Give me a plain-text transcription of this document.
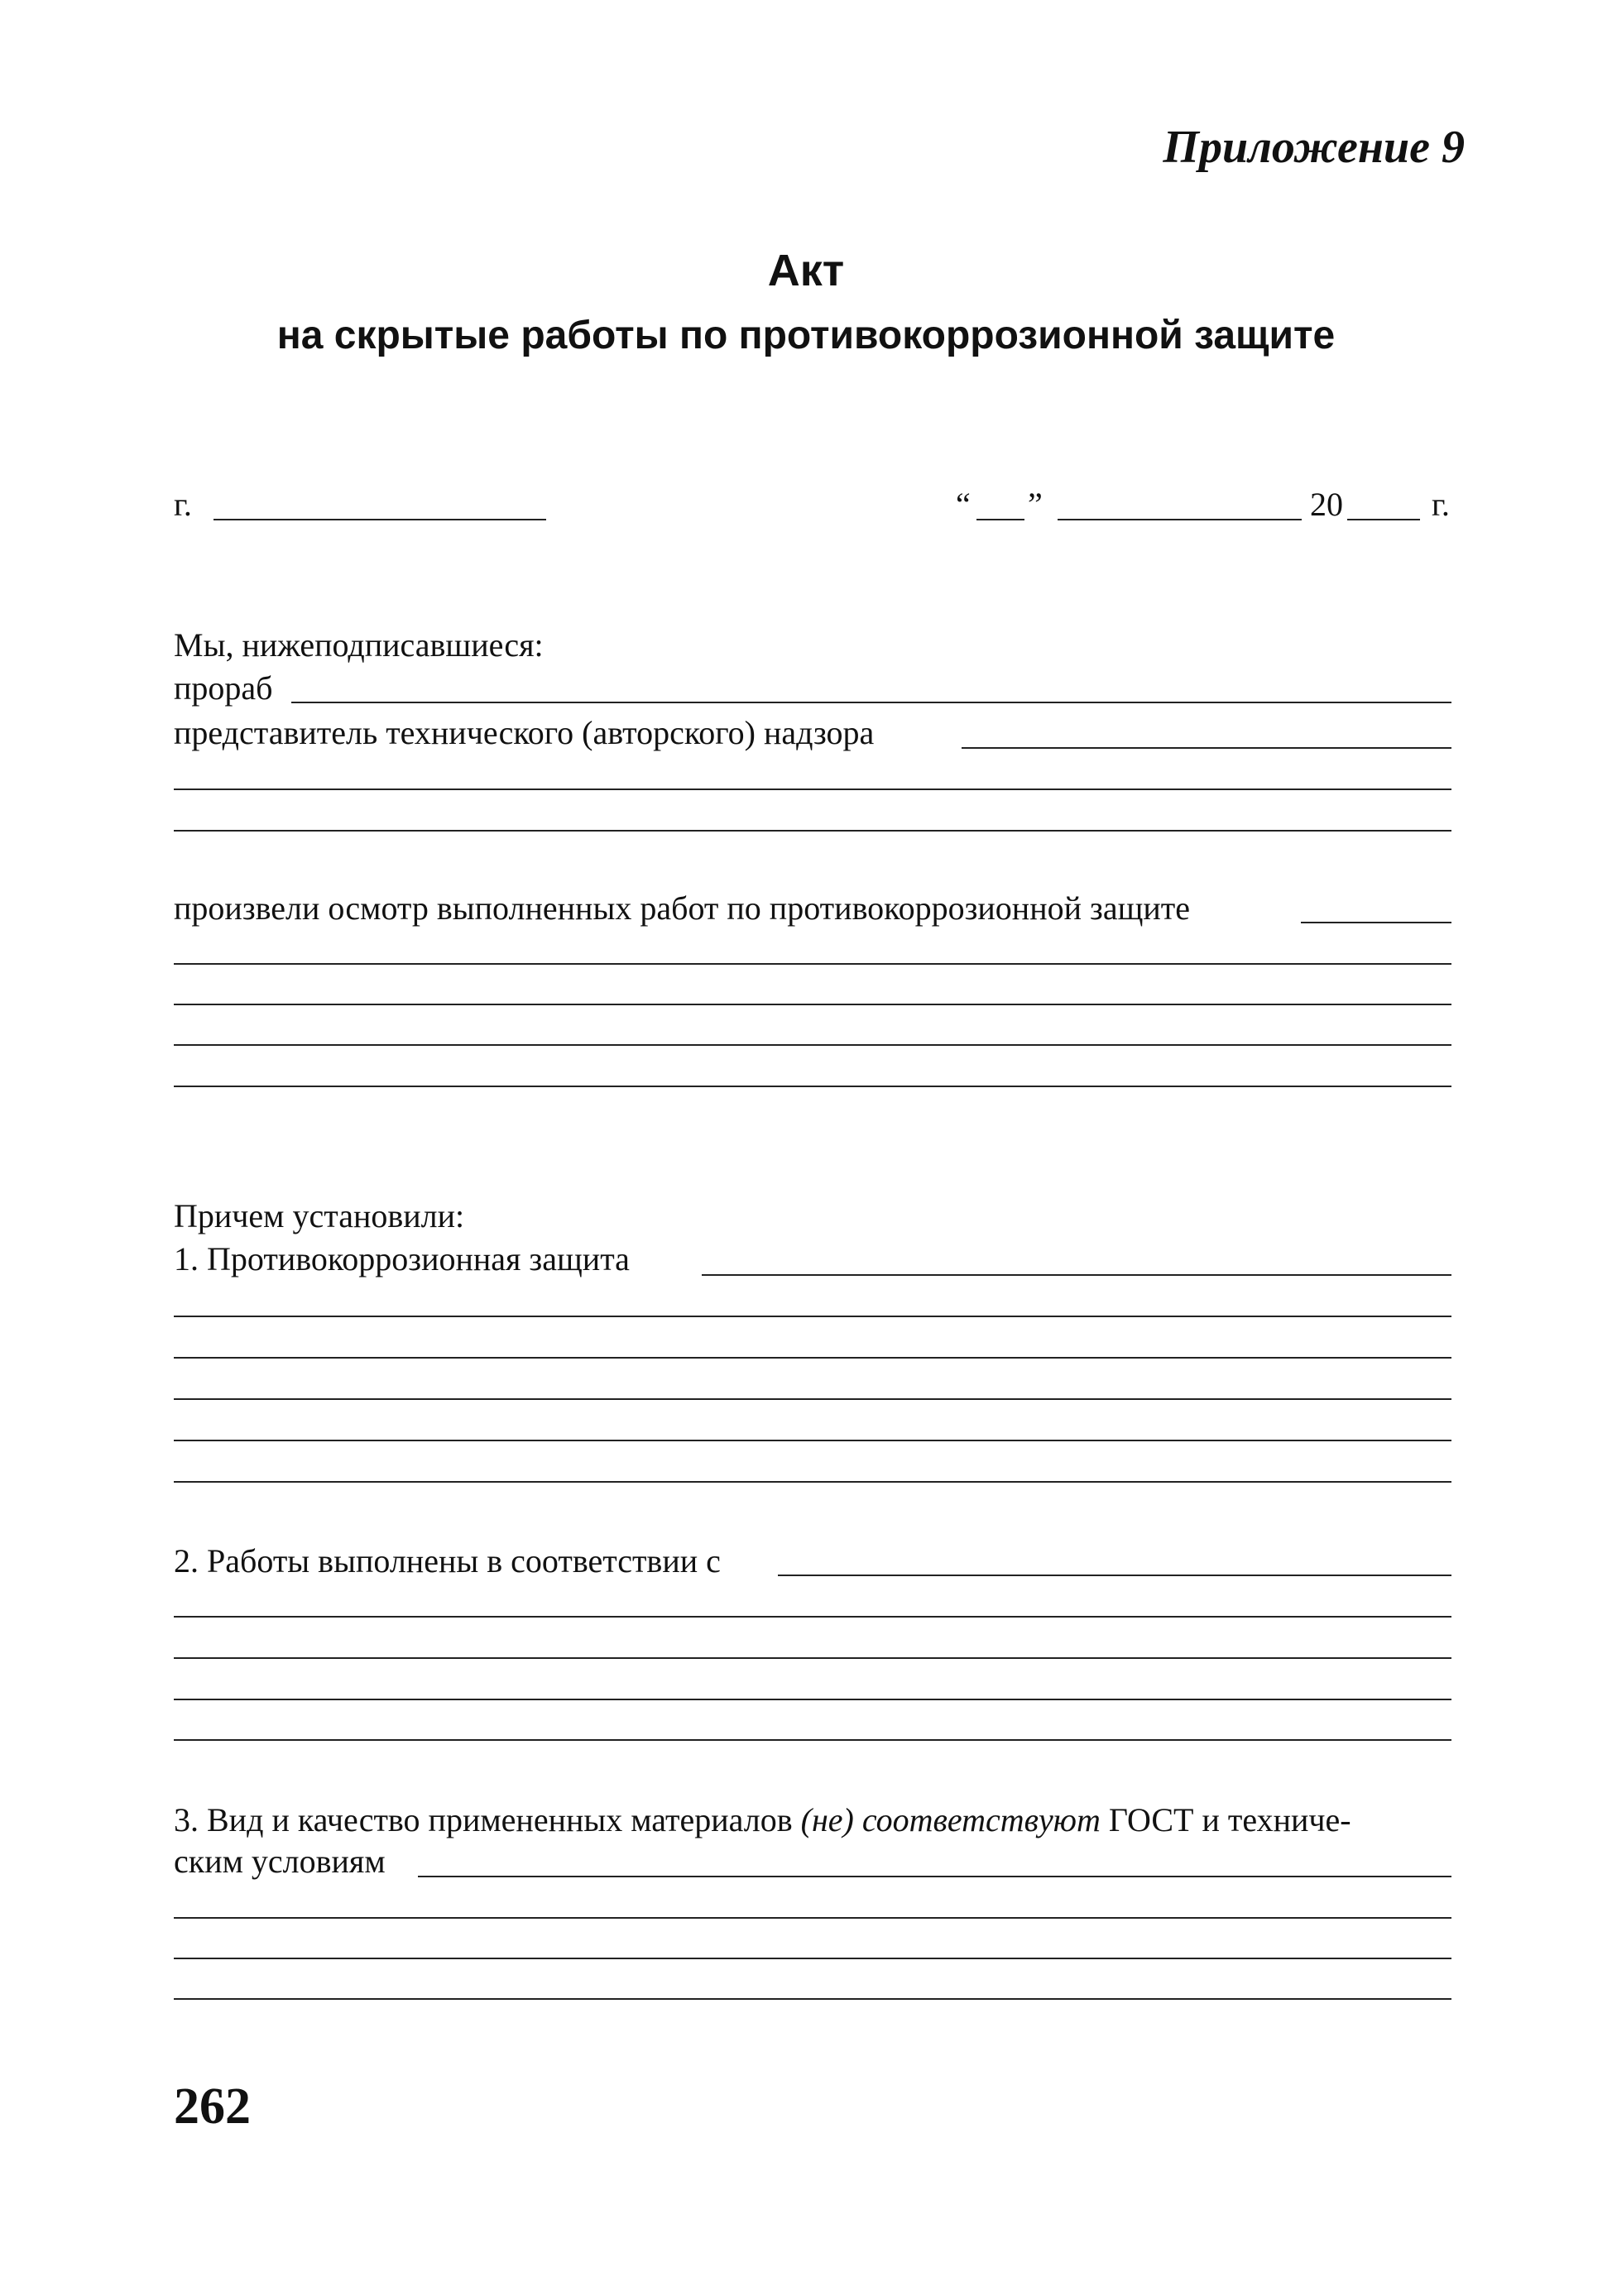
Приложение 9
Акт
на скрытые работы по противокоррозионной защите
г.	“ ”	20	г.
Мы, нижеподписавшиеся:
прораб
представитель технического (авторского) надзора
произвели осмотр выполненных работ по противокоррозионной защите
Причем установили:
1. Противокоррозионная защита
2. Работы выполнены в соответствии с
3. Вид и качество примененных материалов (не) соответствуют ГОСТ и техниче-
ским условиям
262
